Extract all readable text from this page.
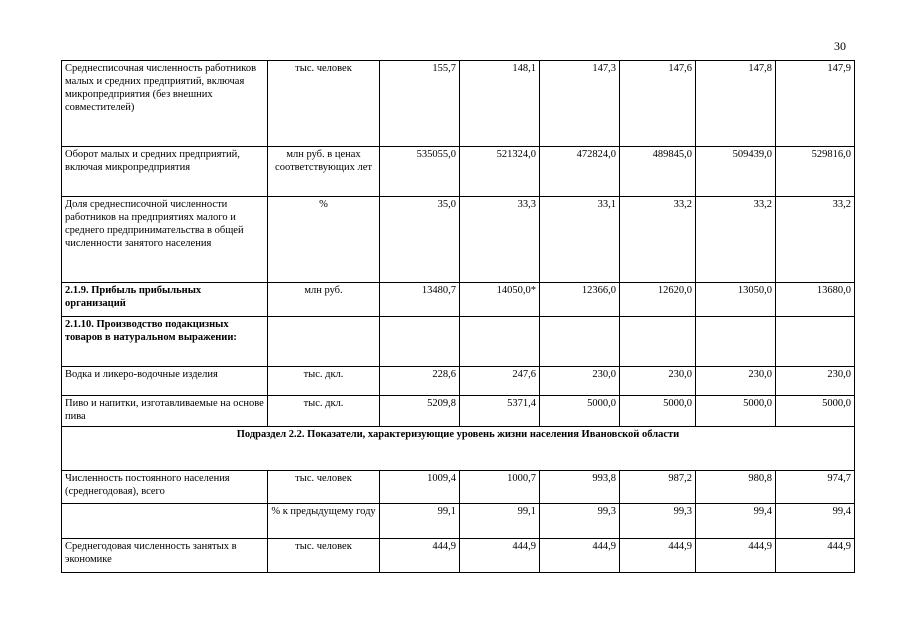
30
Среднесписочная численность работников малых и средних предприятий, включая микропредприятия (без внешних совместителей)	тыс. человек	155,7	148,1	147,3	147,6	147,8	147,9
Оборот малых и средних предприятий, включая микропредприятия	млн руб. в ценах соответствующих лет	535055,0	521324,0	472824,0	489845,0	509439,0	529816,0
Доля среднесписочной численности работников на предприятиях малого и среднего предпринимательства в общей численности занятого населения	%	35,0	33,3	33,1	33,2	33,2	33,2
2.1.9. Прибыль прибыльных организаций	млн руб.	13480,7	14050,0*	12366,0	12620,0	13050,0	13680,0
2.1.10. Производство подакцизных товаров в натуральном выражении:							
Водка и ликеро-водочные изделия	тыс. дкл.	228,6	247,6	230,0	230,0	230,0	230,0
Пиво и напитки, изготавливаемые на основе пива	тыс. дкл.	5209,8	5371,4	5000,0	5000,0	5000,0	5000,0
Подраздел 2.2. Показатели, характеризующие уровень жизни населения Ивановской области							
Численность постоянного населения (среднегодовая), всего	тыс. человек	1009,4	1000,7	993,8	987,2	980,8	974,7
	% к предыдущему году	99,1	99,1	99,3	99,3	99,4	99,4
Среднегодовая численность занятых в экономике	тыс. человек	444,9	444,9	444,9	444,9	444,9	444,9
